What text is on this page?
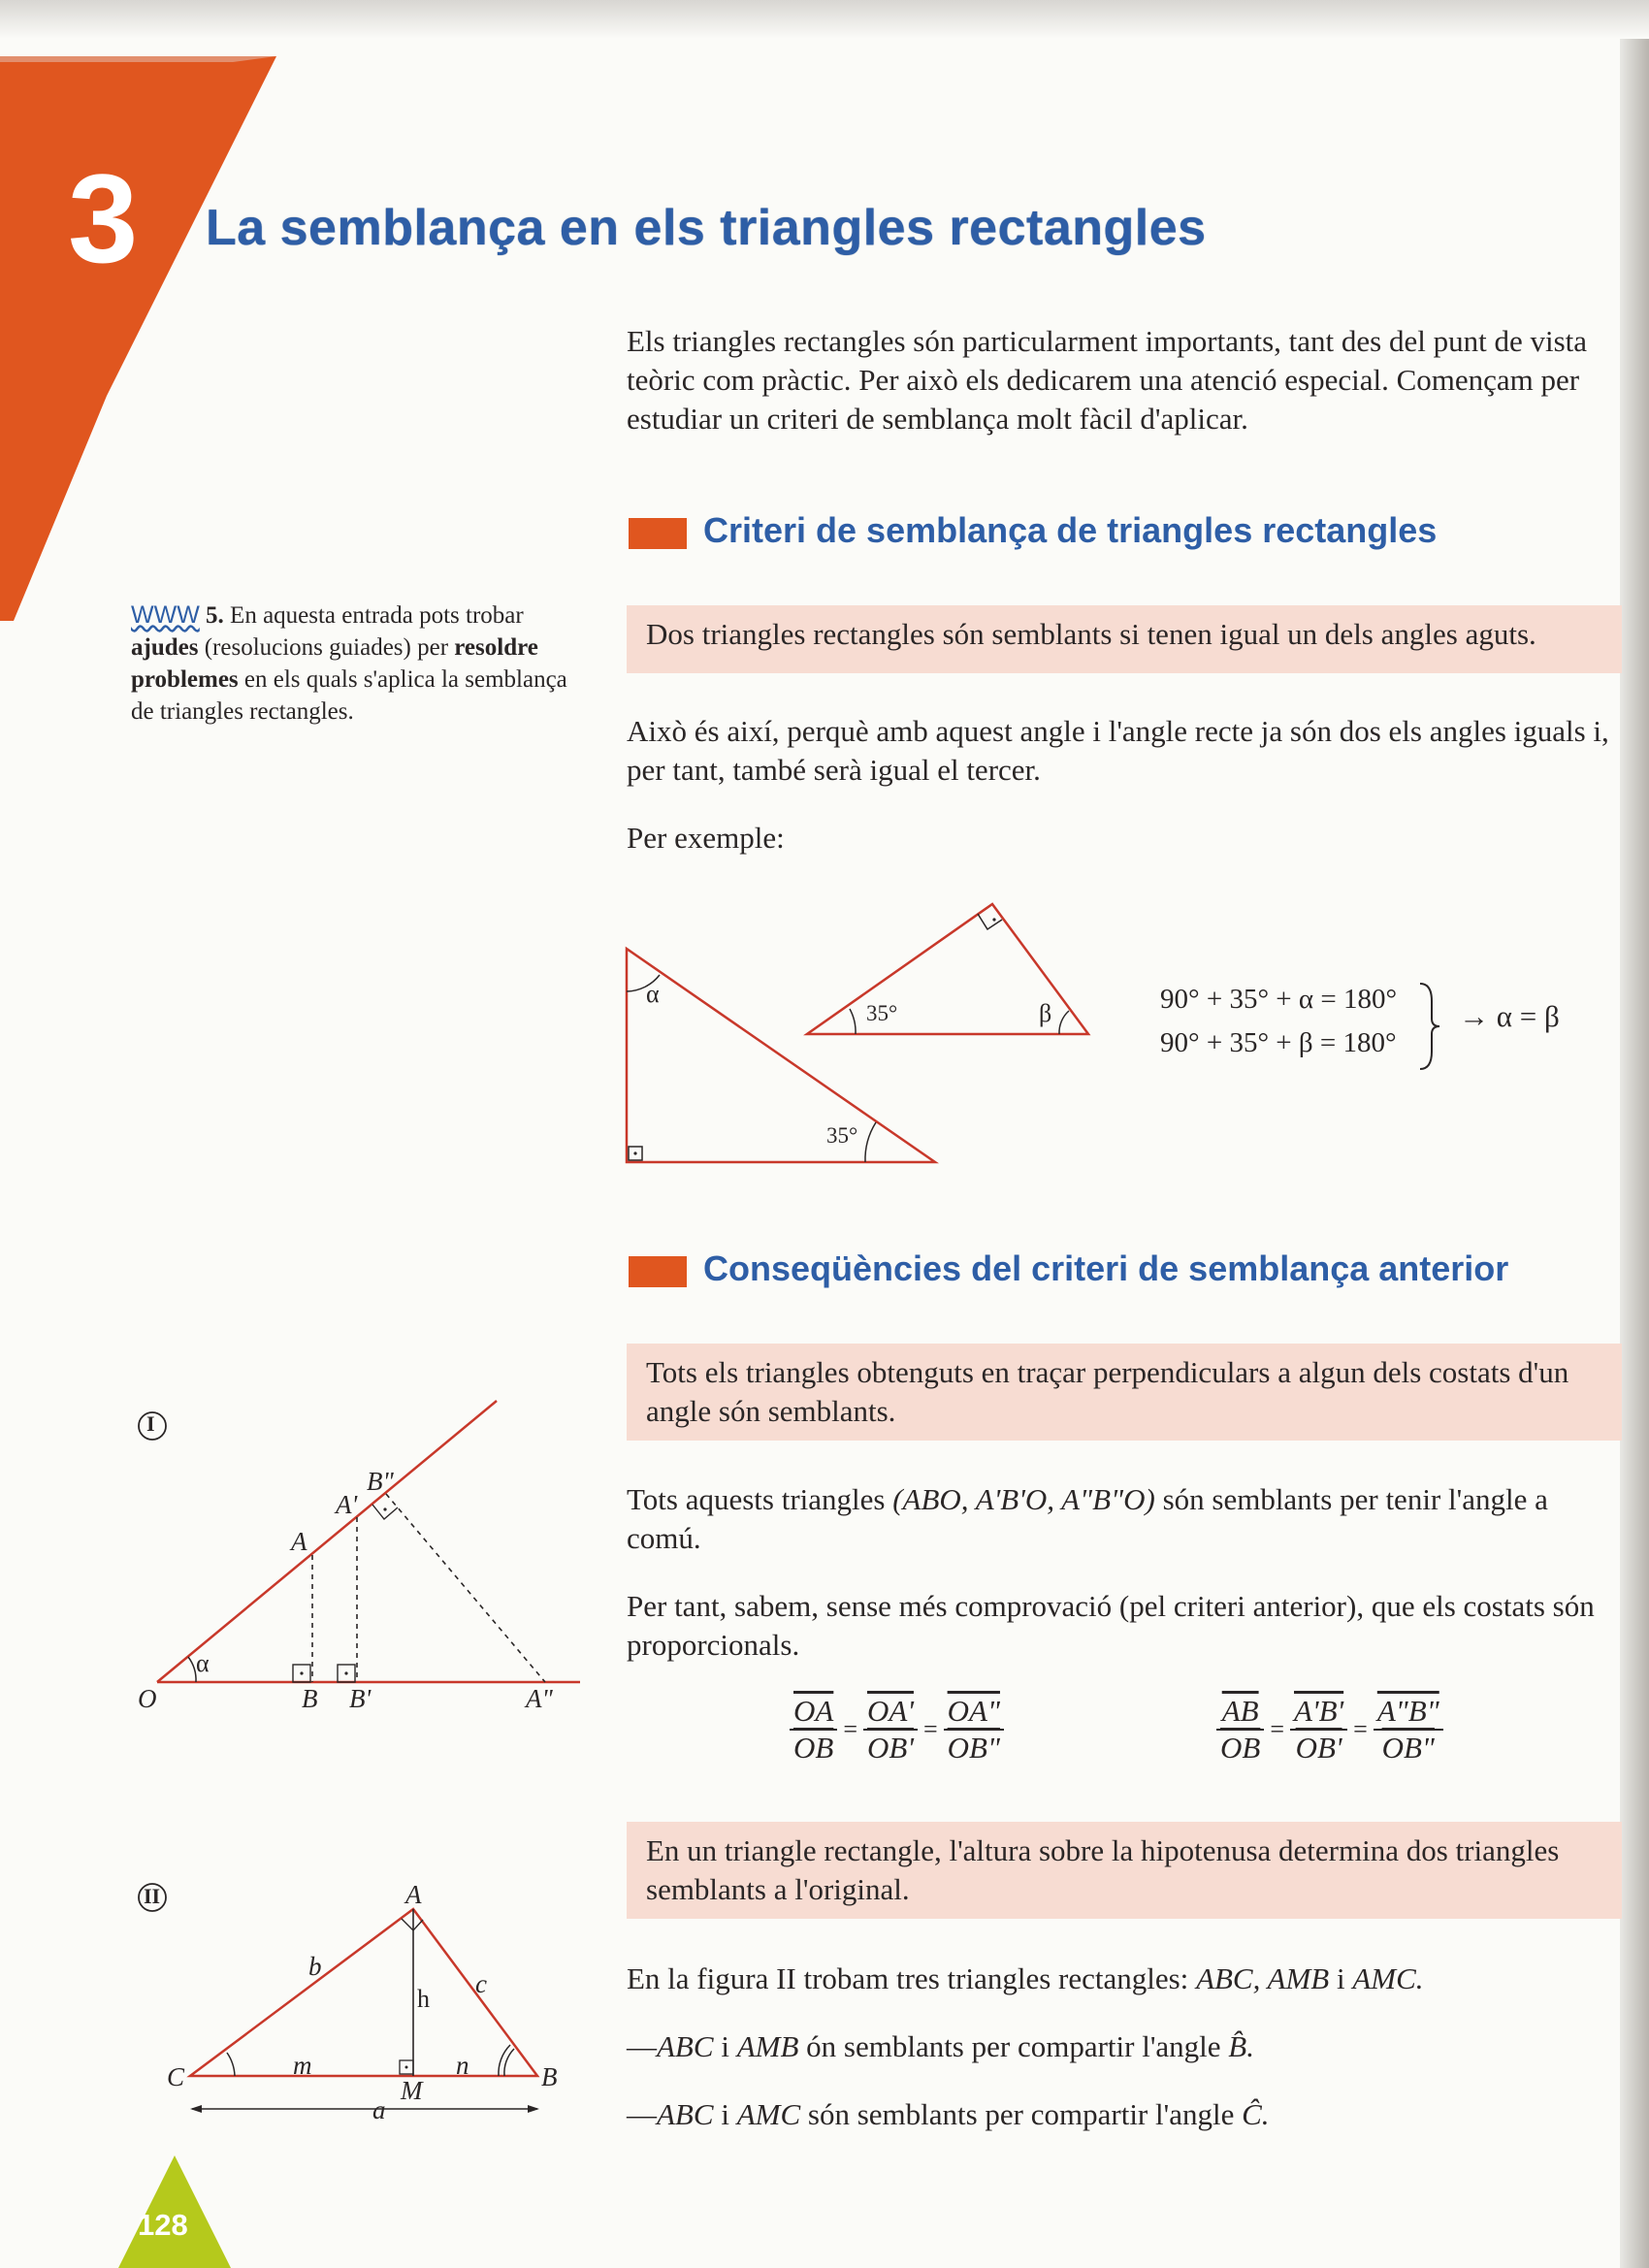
3 La semblança en els triangles rectangles
Els triangles rectangles són particularment importants, tant des del punt de vista teòric com pràctic. Per això els dedicarem una atenció especial. Començam per estudiar un criteri de semblança molt fàcil d'aplicar.
Criteri de semblança de triangles rectangles
WWW 5. En aquesta entrada pots trobar ajudes (resolucions guiades) per resoldre problemes en els quals s'aplica la semblança de triangles rectangles.
Dos triangles rectangles són semblants si tenen igual un dels angles aguts.
Això és així, perquè amb aquest angle i l'angle recte ja són dos els angles iguals i, per tant, també serà igual el tercer.
Per exemple:
α
35°
35°	β	90° + 35° + α = 180°
90° + 35° + β = 180°
→ α = β
Conseqüències del criteri de semblança anterior
Tots els triangles obtenguts en traçar perpendiculars a algun dels costats d'un angle són semblants.
Tots aquests triangles (ABO, A'B'O, A"B"O) són semblants per tenir l'angle a comú.
Per tant, sabem, sense més comprovació (pel criteri anterior), que els costats són proporcionals.
$\frac{\overline{OA}}{OB} = \frac{OA'}{OB'} = \frac{OA"}{OB"}$	$\frac{\overline{AB}}{OB} = \frac{A'B'}{OB'} = \frac{A"B"}{OB"}$
En un triangle rectangle, l'altura sobre la hipotenusa determina dos triangles semblants a l'original.
En la figura II trobam tres triangles rectangles: ABC, AMB i AMC.
—ABC i AMB ón semblants per compartir l'angle B̂.
—ABC i AMC són semblants per compartir l'angle Ĉ.
I
O
A
A'
B"
B B'	A"
α
II	A
B
C	M
b
c
h
m	n
a
128
